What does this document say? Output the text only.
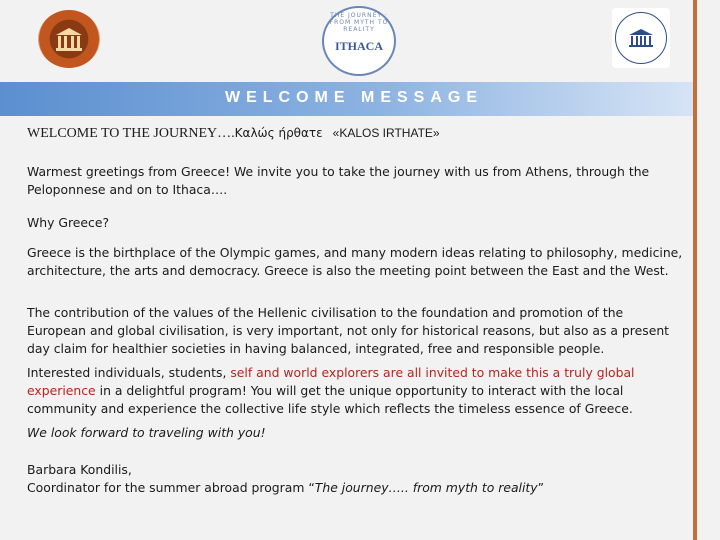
THE JOURNEY · FROM MYTH TO REALITY
ITHACA
WELCOME MESSAGE
WELCOME TO THE JOURNEY….Καλώς ήρθατε «KALOS IRTHATE»
Warmest greetings from Greece! We invite you to take the journey with us from Athens, through the Peloponnese and on to Ithaca….
Why Greece?
Greece is the birthplace of the Olympic games, and many modern ideas relating to philosophy, medicine, architecture, the arts and democracy. Greece is also the meeting point between the East and the West.
The contribution of the values of the Hellenic civilisation to the foundation and promotion of the European and global civilisation, is very important, not only for historical reasons, but also as a present day claim for healthier societies in having balanced, integrated, free and responsible people.
Interested individuals, students, self and world explorers are all invited to make this a truly global experience in a delightful program! You will get the unique opportunity to interact with the local community and experience the collective life style which reflects the timeless essence of Greece.
We look forward to traveling with you!
Barbara Kondilis,
Coordinator for the summer abroad program “The journey….. from myth to reality”
